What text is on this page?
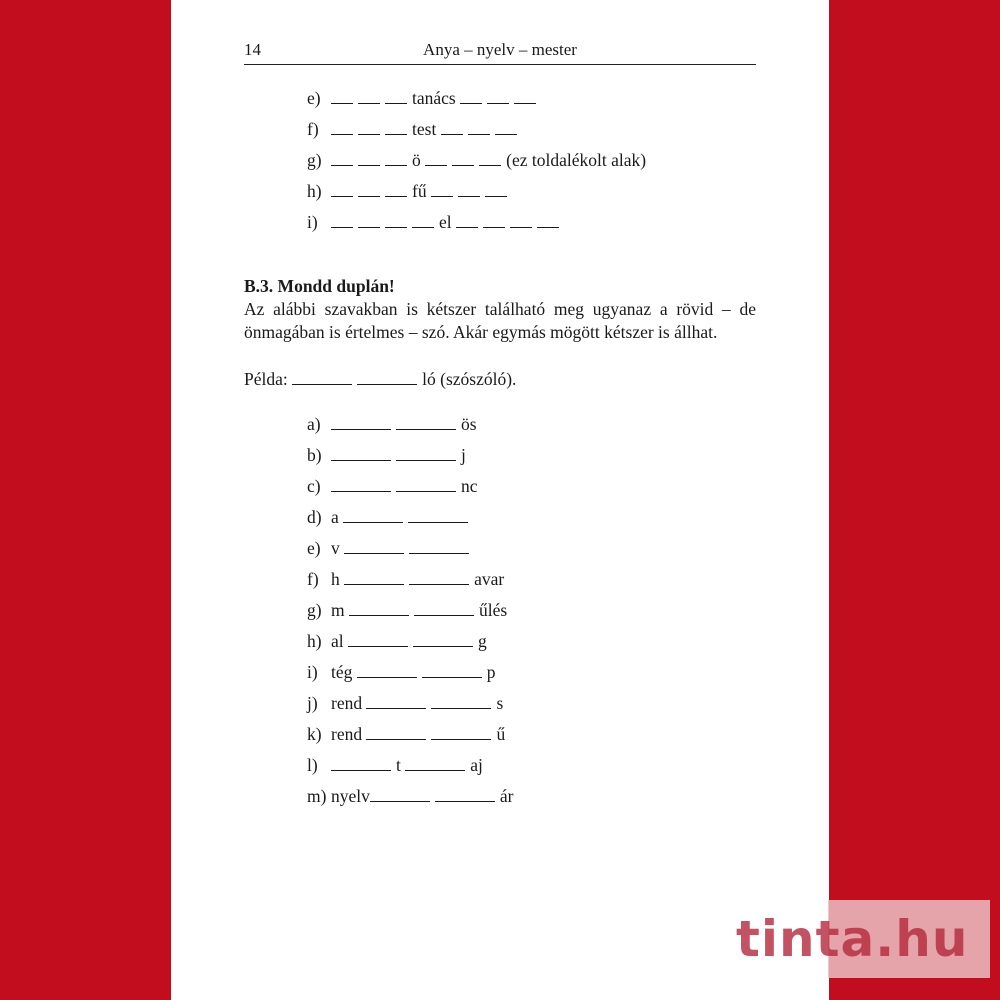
14	Anya – nyelv – mester
e)	tanács
f)	test
g)	ö	(ez toldalékolt alak)
h)	fű
i)	el
B.3. Mondd duplán!
Az alábbi szavakban is kétszer található meg ugyanaz a rövid – de önmagában is értelmes – szó. Akár egymás mögött kétszer is állhat.
Példa:	ló (szószóló).
a)	ös
b)	j
c)	nc
d) a
e) v
f) h	avar
g) m	űlés
h) al	g
i) tég	p
j) rend	s
k) rend	ű
l)	t	aj
m) nyelv	ár
tinta.hu
